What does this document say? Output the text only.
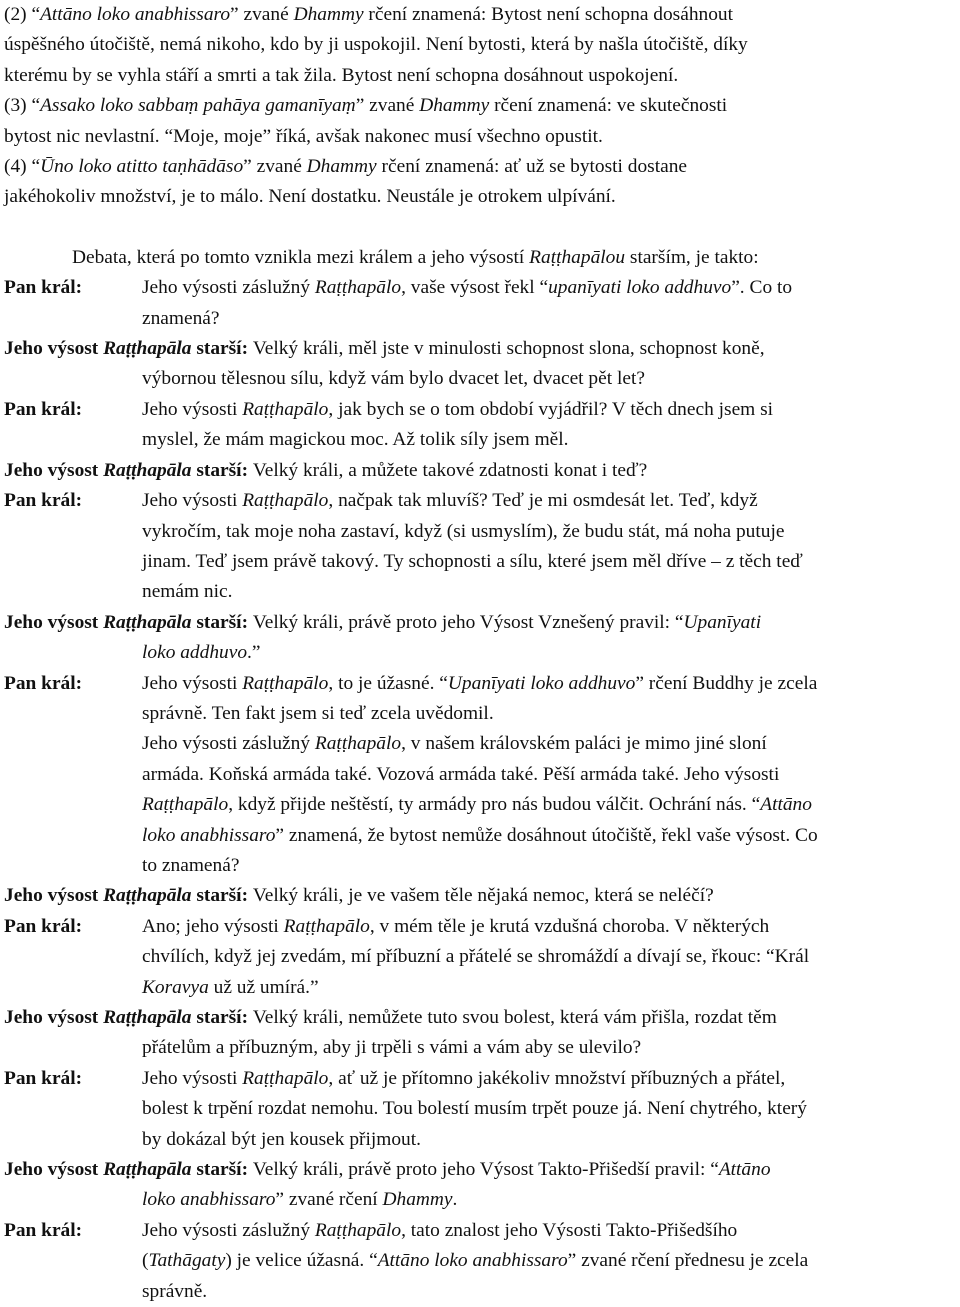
(2) “Attāno loko anabhissaro” zvané Dhammy rčení znamená: Bytost není schopna dosáhnout
úspěšného útočiště, nemá nikoho, kdo by ji uspokojil. Není bytosti, která by našla útočiště, díky
kterému by se vyhla stáří a smrti a tak žila. Bytost není schopna dosáhnout uspokojení.
(3) “Assako loko sabbaṃ pahāya gamanīyaṃ” zvané Dhammy rčení znamená: ve skutečnosti
bytost nic nevlastní. “Moje, moje” říká, avšak nakonec musí všechno opustit.
(4) “Ūno loko atitto taṇhādāso” zvané Dhammy rčení znamená: ať už se bytosti dostane
jakéhokoliv množství, je to málo. Není dostatku. Neustále je otrokem ulpívání.
Debata, která po tomto vznikla mezi králem a jeho výsostí Raṭṭhapālou starším, je takto:
Pan král:	Jeho výsosti záslužný Raṭṭhapālo, vaše výsost řekl “upanīyati loko addhuvo”. Co to
znamená?
Jeho výsost Raṭṭhapāla starší: Velký králi, měl jste v minulosti schopnost slona, schopnost koně,
výbornou tělesnou sílu, když vám bylo dvacet let, dvacet pět let?
Pan král:	Jeho výsosti Raṭṭhapālo, jak bych se o tom období vyjádřil? V těch dnech jsem si
myslel, že mám magickou moc. Až tolik síly jsem měl.
Jeho výsost Raṭṭhapāla starší: Velký králi, a můžete takové zdatnosti konat i teď?
Pan král:	Jeho výsosti Raṭṭhapālo, načpak tak mluvíš? Teď je mi osmdesát let. Teď, když
vykročím, tak moje noha zastaví, když (si usmyslím), že budu stát, má noha putuje
jinam. Teď jsem právě takový. Ty schopnosti a sílu, které jsem měl dříve – z těch teď
nemám nic.
Jeho výsost Raṭṭhapāla starší: Velký králi, právě proto jeho Výsost Vznešený pravil: “Upanīyati
loko addhuvo.”
Pan král:	Jeho výsosti Raṭṭhapālo, to je úžasné. “Upanīyati loko addhuvo” rčení Buddhy je zcela
správně. Ten fakt jsem si teď zcela uvědomil.
Jeho výsosti záslužný Raṭṭhapālo, v našem královském paláci je mimo jiné sloní
armáda. Koňská armáda také. Vozová armáda také. Pěší armáda také. Jeho výsosti
Raṭṭhapālo, když přijde neštěstí, ty armády pro nás budou válčit. Ochrání nás. “Attāno
loko anabhissaro” znamená, že bytost nemůže dosáhnout útočiště, řekl vaše výsost. Co
to znamená?
Jeho výsost Raṭṭhapāla starší: Velký králi, je ve vašem těle nějaká nemoc, která se neléčí?
Pan král:	Ano; jeho výsosti Raṭṭhapālo, v mém těle je krutá vzdušná choroba. V některých
chvílích, když jej zvedám, mí příbuzní a přátelé se shromáždí a dívají se, řkouc: “Král
Koravya už už umírá.”
Jeho výsost Raṭṭhapāla starší: Velký králi, nemůžete tuto svou bolest, která vám přišla, rozdat těm
přátelům a příbuzným, aby ji trpěli s vámi a vám aby se ulevilo?
Pan král:	Jeho výsosti Raṭṭhapālo, ať už je přítomno jakékoliv množství příbuzných a přátel,
bolest k trpění rozdat nemohu. Tou bolestí musím trpět pouze já. Není chytrého, který
by dokázal být jen kousek přijmout.
Jeho výsost Raṭṭhapāla starší: Velký králi, právě proto jeho Výsost Takto-Přišedší pravil: “Attāno
loko anabhissaro” zvané rčení Dhammy.
Pan král:	Jeho výsosti záslužný Raṭṭhapālo, tato znalost jeho Výsosti Takto-Přišedšího
(Tathāgaty) je velice úžasná. “Attāno loko anabhissaro” zvané rčení přednesu je zcela
správně.
